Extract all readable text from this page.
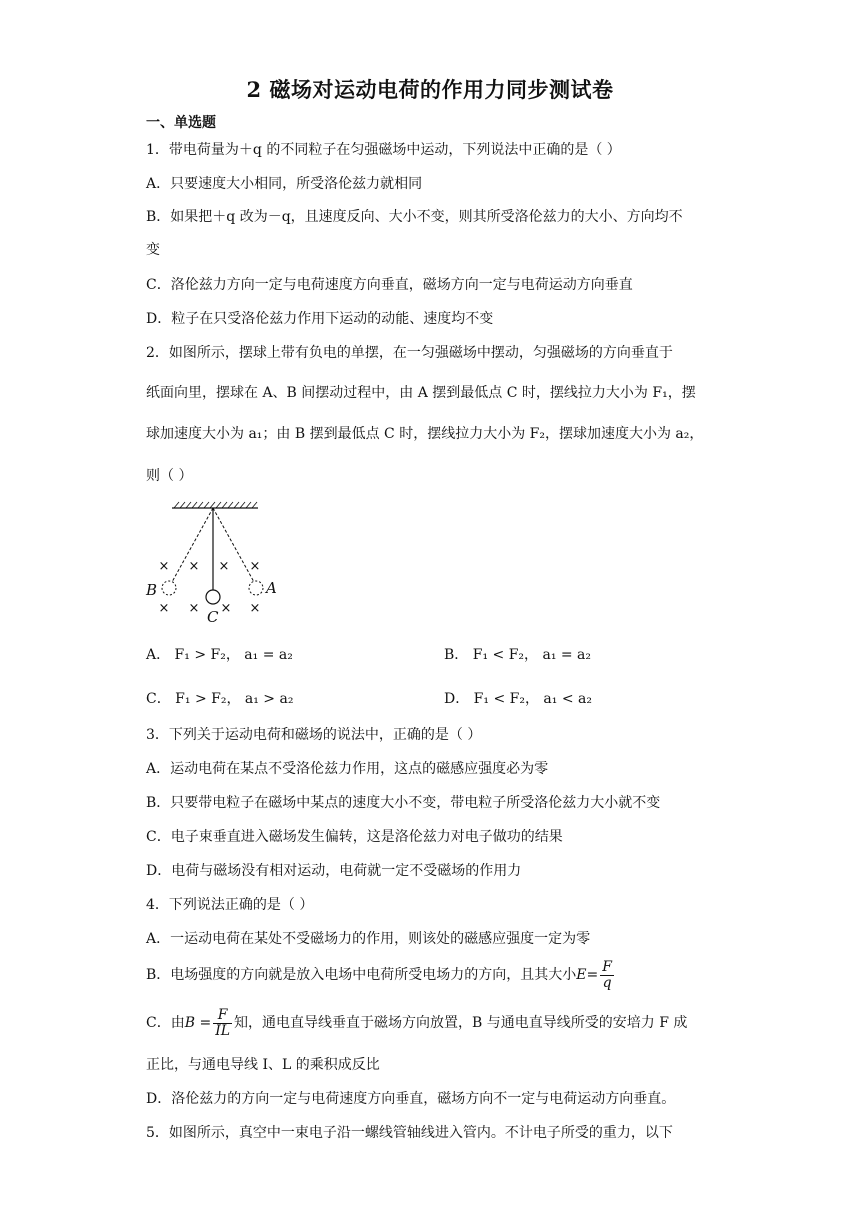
2 磁场对运动电荷的作用力同步测试卷
一、单选题
1．带电荷量为＋q 的不同粒子在匀强磁场中运动，下列说法中正确的是（ ）
A．只要速度大小相同，所受洛伦兹力就相同
B．如果把＋q 改为－q，且速度反向、大小不变，则其所受洛伦兹力的大小、方向均不
变
C．洛伦兹力方向一定与电荷速度方向垂直，磁场方向一定与电荷运动方向垂直
D．粒子在只受洛伦兹力作用下运动的动能、速度均不变
2．如图所示，摆球上带有负电的单摆，在一匀强磁场中摆动，匀强磁场的方向垂直于
纸面向里，摆球在 A、B 间摆动过程中，由 A 摆到最低点 C 时，摆线拉力大小为 F₁，摆
球加速度大小为 a₁；由 B 摆到最低点 C 时，摆线拉力大小为 F₂，摆球加速度大小为 a₂，
则（ ）
× × × ×
× × × ×
B	A
C
A． F₁ > F₂， a₁ = a₂	B． F₁ < F₂， a₁ = a₂
C． F₁ > F₂， a₁ > a₂	D． F₁ < F₂， a₁ < a₂
3．下列关于运动电荷和磁场的说法中，正确的是（ ）
A．运动电荷在某点不受洛伦兹力作用，这点的磁感应强度必为零
B．只要带电粒子在磁场中某点的速度大小不变，带电粒子所受洛伦兹力大小就不变
C．电子束垂直进入磁场发生偏转，这是洛伦兹力对电子做功的结果
D．电荷与磁场没有相对运动，电荷就一定不受磁场的作用力
4．下列说法正确的是（ ）
A．一运动电荷在某处不受磁场力的作用，则该处的磁感应强度一定为零
B．电场强度的方向就是放入电场中电荷所受电场力的方向，且其大小$E= \frac{F}{q}$
C．由$B = \frac{F}{IL}$ 知，通电直导线垂直于磁场方向放置，B 与通电直导线所受的安培力 F 成
正比，与通电导线 I、L 的乘积成反比
D．洛伦兹力的方向一定与电荷速度方向垂直，磁场方向不一定与电荷运动方向垂直。
5．如图所示，真空中一束电子沿一螺线管轴线进入管内。不计电子所受的重力，以下
